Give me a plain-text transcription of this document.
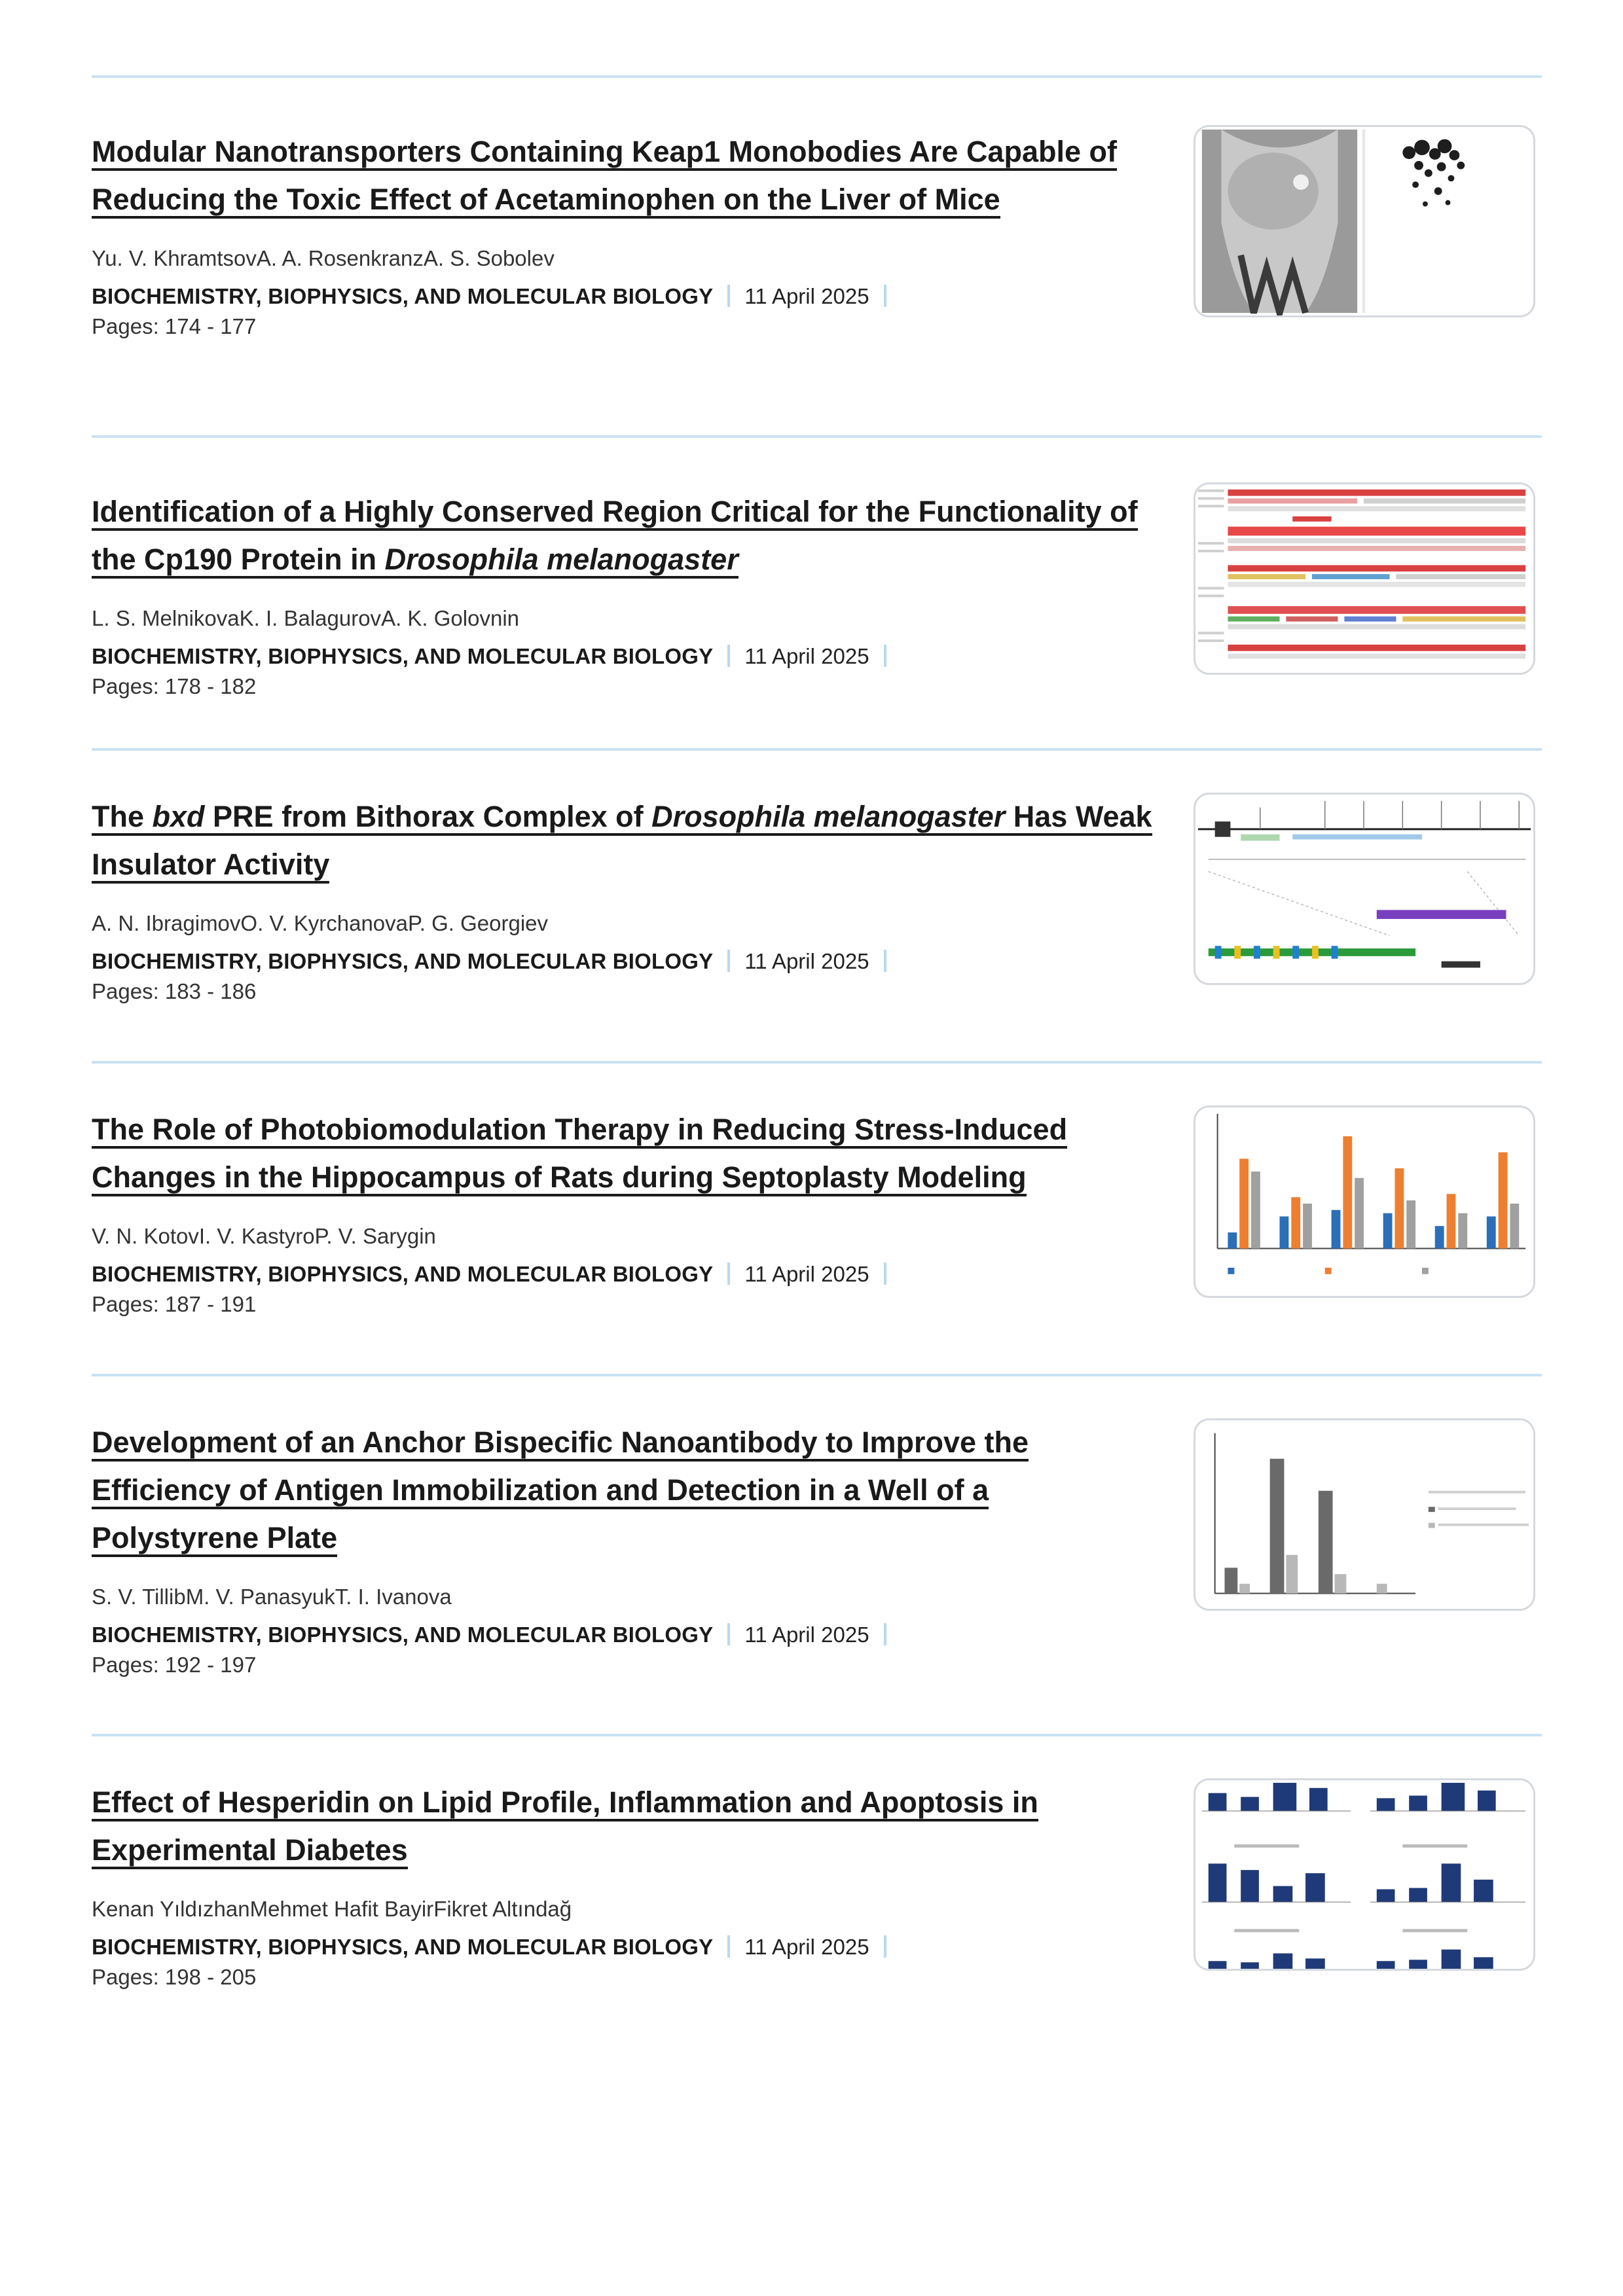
Modular Nanotransporters Containing Keap1 Monobodies Are Capable of Reducing the Toxic Effect of Acetaminophen on the Liver of Mice
Yu. V. KhramtsovA. A. RosenkranzA. S. Sobolev
BIOCHEMISTRY, BIOPHYSICS, AND MOLECULAR BIOLOGY 11 April 2025
Pages: 174 - 177
Identification of a Highly Conserved Region Critical for the Functionality of the Cp190 Protein in Drosophila melanogaster
L. S. MelnikovaK. I. BalagurovA. K. Golovnin
BIOCHEMISTRY, BIOPHYSICS, AND MOLECULAR BIOLOGY 11 April 2025
Pages: 178 - 182
The bxd PRE from Bithorax Complex of Drosophila melanogaster Has Weak Insulator Activity
A. N. IbragimovO. V. KyrchanovaP. G. Georgiev
BIOCHEMISTRY, BIOPHYSICS, AND MOLECULAR BIOLOGY 11 April 2025
Pages: 183 - 186
The Role of Photobiomodulation Therapy in Reducing Stress-Induced Changes in the Hippocampus of Rats during Septoplasty Modeling
V. N. KotovI. V. KastyroP. V. Sarygin
BIOCHEMISTRY, BIOPHYSICS, AND MOLECULAR BIOLOGY 11 April 2025
Pages: 187 - 191
Development of an Anchor Bispecific Nanoantibody to Improve the Efficiency of Antigen Immobilization and Detection in a Well of a Polystyrene Plate
S. V. TillibM. V. PanasyukT. I. Ivanova
BIOCHEMISTRY, BIOPHYSICS, AND MOLECULAR BIOLOGY 11 April 2025
Pages: 192 - 197
Effect of Hesperidin on Lipid Profile, Inflammation and Apoptosis in Experimental Diabetes
Kenan YıldızhanMehmet Hafit BayirFikret Altındağ
BIOCHEMISTRY, BIOPHYSICS, AND MOLECULAR BIOLOGY 11 April 2025
Pages: 198 - 205
